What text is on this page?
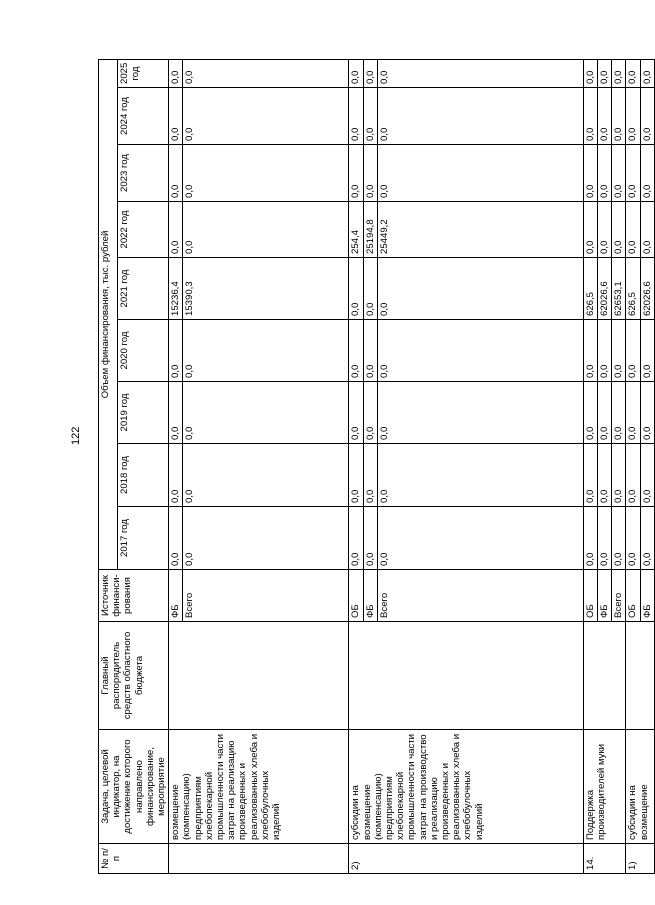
122
№ п/п	Задача, целевой индикатор, на достижение которого направлено финансирование, мероприятие	Главный распорядитель средств областного бюджета	Источник финанси-рования	Объем финансирования, тыс. рублей								
				2017 год	2018 год	2019 год	2020 год	2021 год	2022 год	2023 год	2024 год	2025 год
	возмещение (компенсацию) предприятиям хлебопекарной промышленности части затрат на реализацию произведенных и реализованных хлеба и хлебобулочных изделий		ФБ	0,0	0,0	0,0	0,0	15236,4	0,0	0,0	0,0	0,0
			Всего	0,0	0,0	0,0	0,0	15390,3	0,0	0,0	0,0	0,0
2)	субсидии на возмещение (компенсацию) предприятиям хлебопекарной промышленности части затрат на производство и реализацию произведенных и реализованных хлеба и хлебобулочных изделий		ОБ	0,0	0,0	0,0	0,0	0,0	254,4	0,0	0,0	0,0
			ФБ	0,0	0,0	0,0	0,0	0,0	25194,8	0,0	0,0	0,0
			Всего	0,0	0,0	0,0	0,0	0,0	25449,2	0,0	0,0	0,0
14.	Поддержка производителей муки		ОБ	0,0	0,0	0,0	0,0	626,5	0,0	0,0	0,0	0,0
			ФБ	0,0	0,0	0,0	0,0	62026,6	0,0	0,0	0,0	0,0
			Всего	0,0	0,0	0,0	0,0	62653,1	0,0	0,0	0,0	0,0
1)	субсидии на возмещение		ОБ	0,0	0,0	0,0	0,0	626,5	0,0	0,0	0,0	0,0
			ФБ	0,0	0,0	0,0	0,0	62026,6	0,0	0,0	0,0	0,0
